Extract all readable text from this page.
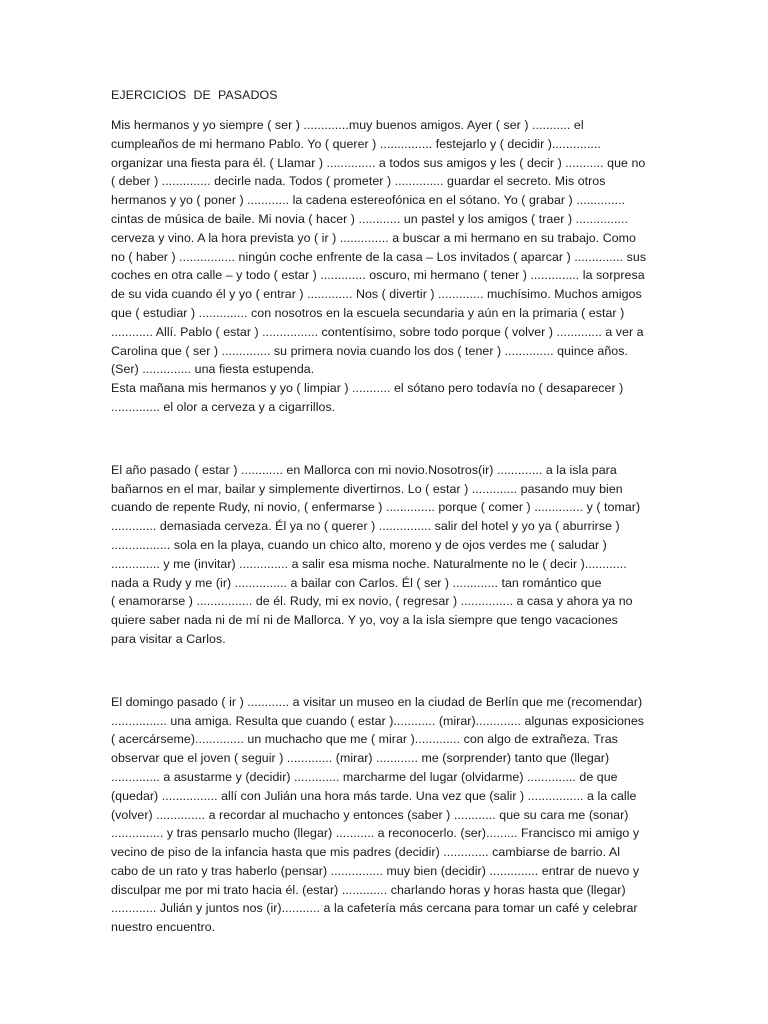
EJERCICIOS  DE  PASADOS
Mis hermanos y yo siempre ( ser ) .............muy buenos amigos. Ayer ( ser ) ........... el
cumpleaños de mi hermano Pablo. Yo ( querer ) ............... festejarlo y ( decidir )..............
organizar una fiesta para él. ( Llamar ) .............. a todos sus amigos y les ( decir ) ........... que no
( deber ) .............. decirle nada. Todos ( prometer ) .............. guardar el secreto. Mis otros
hermanos y yo ( poner ) ............ la cadena estereofónica en el sótano. Yo ( grabar ) ..............
cintas de música de baile. Mi novia ( hacer ) ............ un pastel y los amigos ( traer ) ...............
cerveza y vino. A la hora prevista yo ( ir ) .............. a buscar a mi hermano en su trabajo. Como
no ( haber ) ................ ningún coche enfrente de la casa – Los invitados ( aparcar ) .............. sus
coches en otra calle – y todo ( estar ) ............. oscuro, mi hermano ( tener ) .............. la sorpresa
de su vida cuando él y yo ( entrar ) ............. Nos ( divertir ) ............. muchísimo. Muchos amigos
que ( estudiar ) .............. con nosotros en la escuela secundaria y aún en la primaria ( estar )
............ Allí. Pablo ( estar ) ................ contentísimo, sobre todo porque ( volver ) ............. a ver a
Carolina que ( ser ) .............. su primera novia cuando los dos ( tener ) .............. quince años.
(Ser) .............. una fiesta estupenda.
Esta mañana mis hermanos y yo ( limpiar ) ........... el sótano pero todavía no ( desaparecer )
.............. el olor a cerveza y a cigarrillos.
El año pasado ( estar ) ............ en Mallorca con mi novio.Nosotros(ir) ............. a la isla para
bañarnos en el mar, bailar y simplemente divertirnos. Lo ( estar ) ............. pasando muy bien
cuando de repente Rudy, ni novio, ( enfermarse ) .............. porque ( comer ) .............. y ( tomar)
............. demasiada cerveza. Él ya no ( querer ) ............... salir del hotel y yo ya ( aburrirse )
................. sola en la playa, cuando un chico alto, moreno y de ojos verdes me ( saludar )
.............. y me (invitar) .............. a salir esa misma noche. Naturalmente no le ( decir )............
nada a Rudy y me (ir) ............... a bailar con Carlos. Él ( ser ) ............. tan romántico que
( enamorarse ) ................ de él. Rudy, mi ex novio, ( regresar ) ............... a casa y ahora ya no
quiere saber nada ni de mí ni de Mallorca. Y yo, voy a la isla siempre que tengo vacaciones
para visitar a Carlos.
El domingo pasado ( ir ) ............ a visitar un museo en la ciudad de Berlín que me (recomendar)
................ una amiga. Resulta que cuando ( estar )............ (mirar)............. algunas exposiciones
( acercárseme).............. un muchacho que me ( mirar )............. con algo de extrañeza. Tras
observar que el joven ( seguir ) ............. (mirar) ............ me (sorprender) tanto que (llegar)
.............. a asustarme y (decidir) ............. marcharme del lugar (olvidarme) .............. de que
(quedar) ................ allí con Julián una hora más tarde. Una vez que (salir ) ................ a la calle
(volver) .............. a recordar al muchacho y entonces (saber ) ............ que su cara me (sonar)
............... y tras pensarlo mucho (llegar) ........... a reconocerlo. (ser)......... Francisco mi amigo y
vecino de piso de la infancia hasta que mis padres (decidir) ............. cambiarse de barrio. Al
cabo de un rato y tras haberlo (pensar) ............... muy bien (decidir) .............. entrar de nuevo y
disculpar me por mi trato hacia él. (estar) ............. charlando horas y horas hasta que (llegar)
............. Julián y juntos nos (ir)........... a la cafetería más cercana para tomar un café y celebrar
nuestro encuentro.
